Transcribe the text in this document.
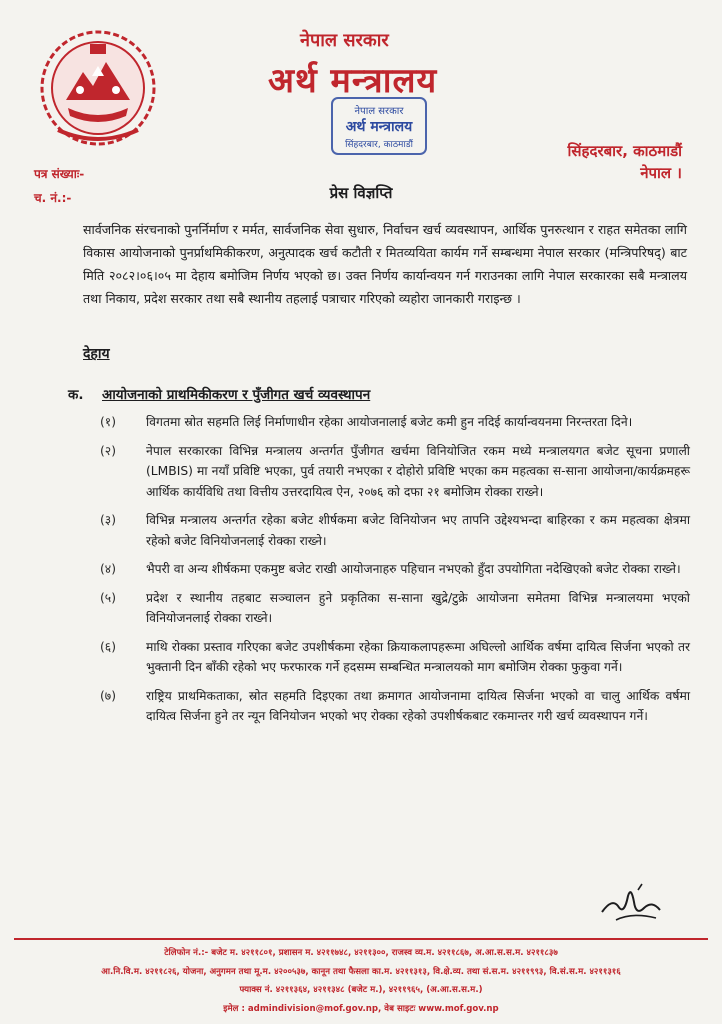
नेपाल सरकार
अर्थ मन्त्रालय
नेपाल सरकार
अर्थ मन्त्रालय
सिंहदरबार, काठमाडौं	सिंहदरबार, काठमाडौं
नेपाल ।
पत्र संख्याः-
च. नं.:-	प्रेस विज्ञप्ति
सार्वजनिक संरचनाको पुनर्निर्माण र मर्मत, सार्वजनिक सेवा सुधारु, निर्वाचन खर्च व्यवस्थापन, आर्थिक पुनरुत्थान र राहत समेतका लागि विकास आयोजनाको पुनर्प्राथमिकीकरण, अनुत्पादक खर्च कटौती र मितव्ययिता कार्यम गर्ने सम्बन्धमा नेपाल सरकार (मन्त्रिपरिषद्) बाट मिति २०८२।०६।०५ मा देहाय बमोजिम निर्णय भएको छ। उक्त निर्णय कार्यान्वयन गर्न गराउनका लागि नेपाल सरकारका सबै मन्त्रालय तथा निकाय, प्रदेश सरकार तथा सबै स्थानीय तहलाई पत्राचार गरिएको व्यहोरा जानकारी गराइन्छ ।
देहाय
क. आयोजनाको प्राथमिकीकरण र पुँजीगत खर्च व्यवस्थापन
(१)	विगतमा स्रोत सहमति लिई निर्माणाधीन रहेका आयोजनालाई बजेट कमी हुन नदिई कार्यान्वयनमा निरन्तरता दिने।
(२)	नेपाल सरकारका विभिन्न मन्त्रालय अन्तर्गत पुँजीगत खर्चमा विनियोजित रकम मध्ये मन्त्रालयगत बजेट सूचना प्रणाली (LMBIS) मा नयाँ प्रविष्टि भएका, पुर्व तयारी नभएका र दोहोरो प्रविष्टि भएका कम महत्वका स-साना आयोजना/कार्यक्रमहरू आर्थिक कार्यविधि तथा वित्तीय उत्तरदायित्व ऐन, २०७६ को दफा २१ बमोजिम रोक्का राख्ने।
(३)	विभिन्न मन्त्रालय अन्तर्गत रहेका बजेट शीर्षकमा बजेट विनियोजन भए तापनि उद्देश्यभन्दा बाहिरका र कम महत्वका क्षेत्रमा रहेको बजेट विनियोजनलाई रोक्का राख्ने।
(४)	भैपरी वा अन्य शीर्षकमा एकमुष्ट बजेट राखी आयोजनाहरु पहिचान नभएको हुँदा उपयोगिता नदेखिएको बजेट रोक्का राख्ने।
(५)	प्रदेश र स्थानीय तहबाट सञ्चालन हुने प्रकृतिका स-साना खुद्रे/टुक्रे आयोजना समेतमा विभिन्न मन्त्रालयमा भएको विनियोजनलाई रोक्का राख्ने।
(६)	माथि रोक्का प्रस्ताव गरिएका बजेट उपशीर्षकमा रहेका क्रियाकलापहरूमा अघिल्लो आर्थिक वर्षमा दायित्व सिर्जना भएको तर भुक्तानी दिन बाँकी रहेको भए फरफारक गर्ने हदसम्म सम्बन्धित मन्त्रालयको माग बमोजिम रोक्का फुकुवा गर्ने।
(७)	राष्ट्रिय प्राथमिकताका, स्रोत सहमति दिइएका तथा क्रमागत आयोजनामा दायित्व सिर्जना भएको वा चालु आर्थिक वर्षमा दायित्व सिर्जना हुने तर न्यून विनियोजन भएको भए रोक्का रहेको उपशीर्षकबाट रकमान्तर गरी खर्च व्यवस्थापन गर्ने।
टेलिफोन नं.:- बजेट म. ४२११८०१, प्रशासन म. ४२११७४८, ४२११३००, राजस्व व्य.म. ४२११८६७, अ.आ.स.स.म. ४२११८३७
आ.नि.वि.म. ४२११८२६, योजना, अनुगमन तथा मू.म. ४२००५३७, कानून तथा फैसला का.म. ४२११३१३, वि.क्षे.व्य. तथा सं.स.म. ४२११९९३, वि.सं.स.म. ४२११३१६
फ्याक्स नं. ४२११३६४, ४२११३४८ (बजेट म.), ४२११९६५, (अ.आ.स.स.म.)
इमेल : admindivision@mof.gov.np, वेब साइटः www.mof.gov.np
